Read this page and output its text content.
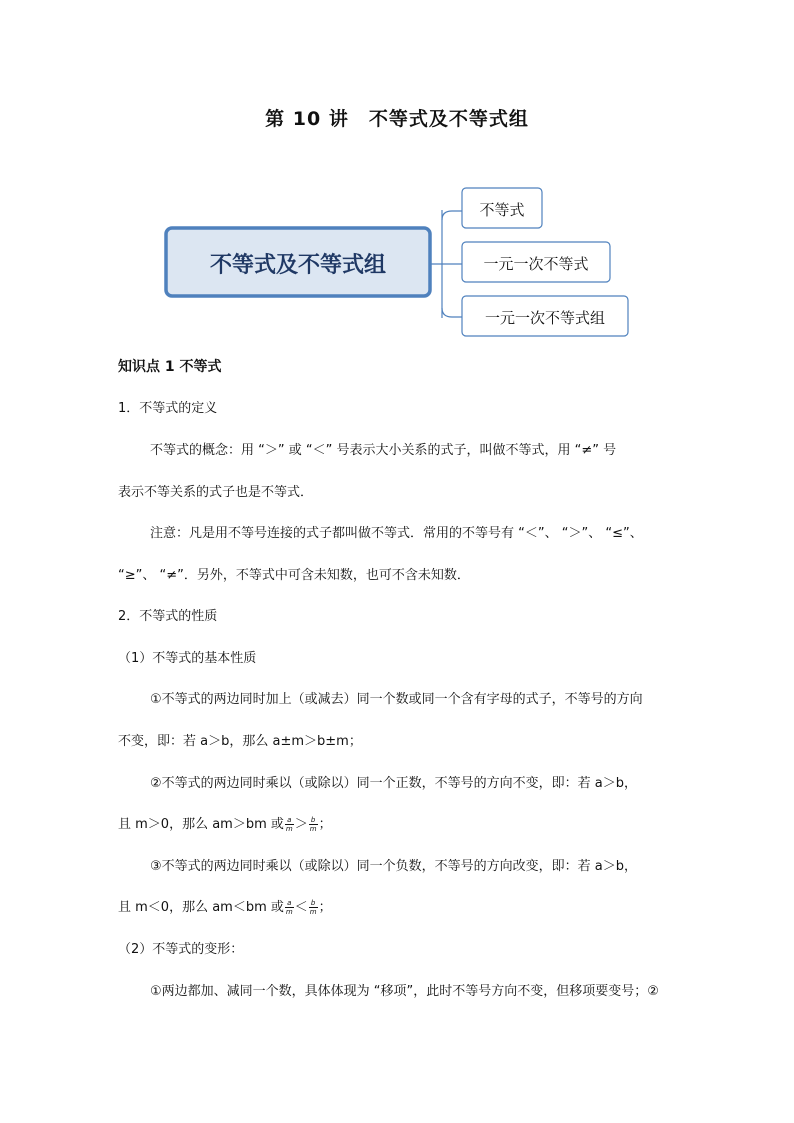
第 10 讲　不等式及不等式组
不等式及不等式组
不等式
一元一次不等式
一元一次不等式组
知识点 1 不等式
1．不等式的定义
不等式的概念：用 “＞” 或 “＜” 号表示大小关系的式子，叫做不等式，用 “≠” 号
表示不等关系的式子也是不等式．
注意：凡是用不等号连接的式子都叫做不等式．常用的不等号有 “＜”、 “＞”、 “≤”、
“≥”、 “≠”．另外，不等式中可含未知数，也可不含未知数．
2．不等式的性质
（1）不等式的基本性质
①不等式的两边同时加上（或减去）同一个数或同一个含有字母的式子，不等号的方向
不变，即：若 a＞b，那么 a±m＞b±m；
②不等式的两边同时乘以（或除以）同一个正数，不等号的方向不变，即：若 a＞b，
且 m＞0，那么 am＞bm 或 $\frac{a}{m} > \frac{b}{m}$ ；
③不等式的两边同时乘以（或除以）同一个负数，不等号的方向改变，即：若 a＞b，
且 m＜0，那么 am＜bm 或 $\frac{a}{m} < \frac{b}{m}$ ；
（2）不等式的变形：
①两边都加、减同一个数，具体体现为 “移项”，此时不等号方向不变，但移项要变号；②
